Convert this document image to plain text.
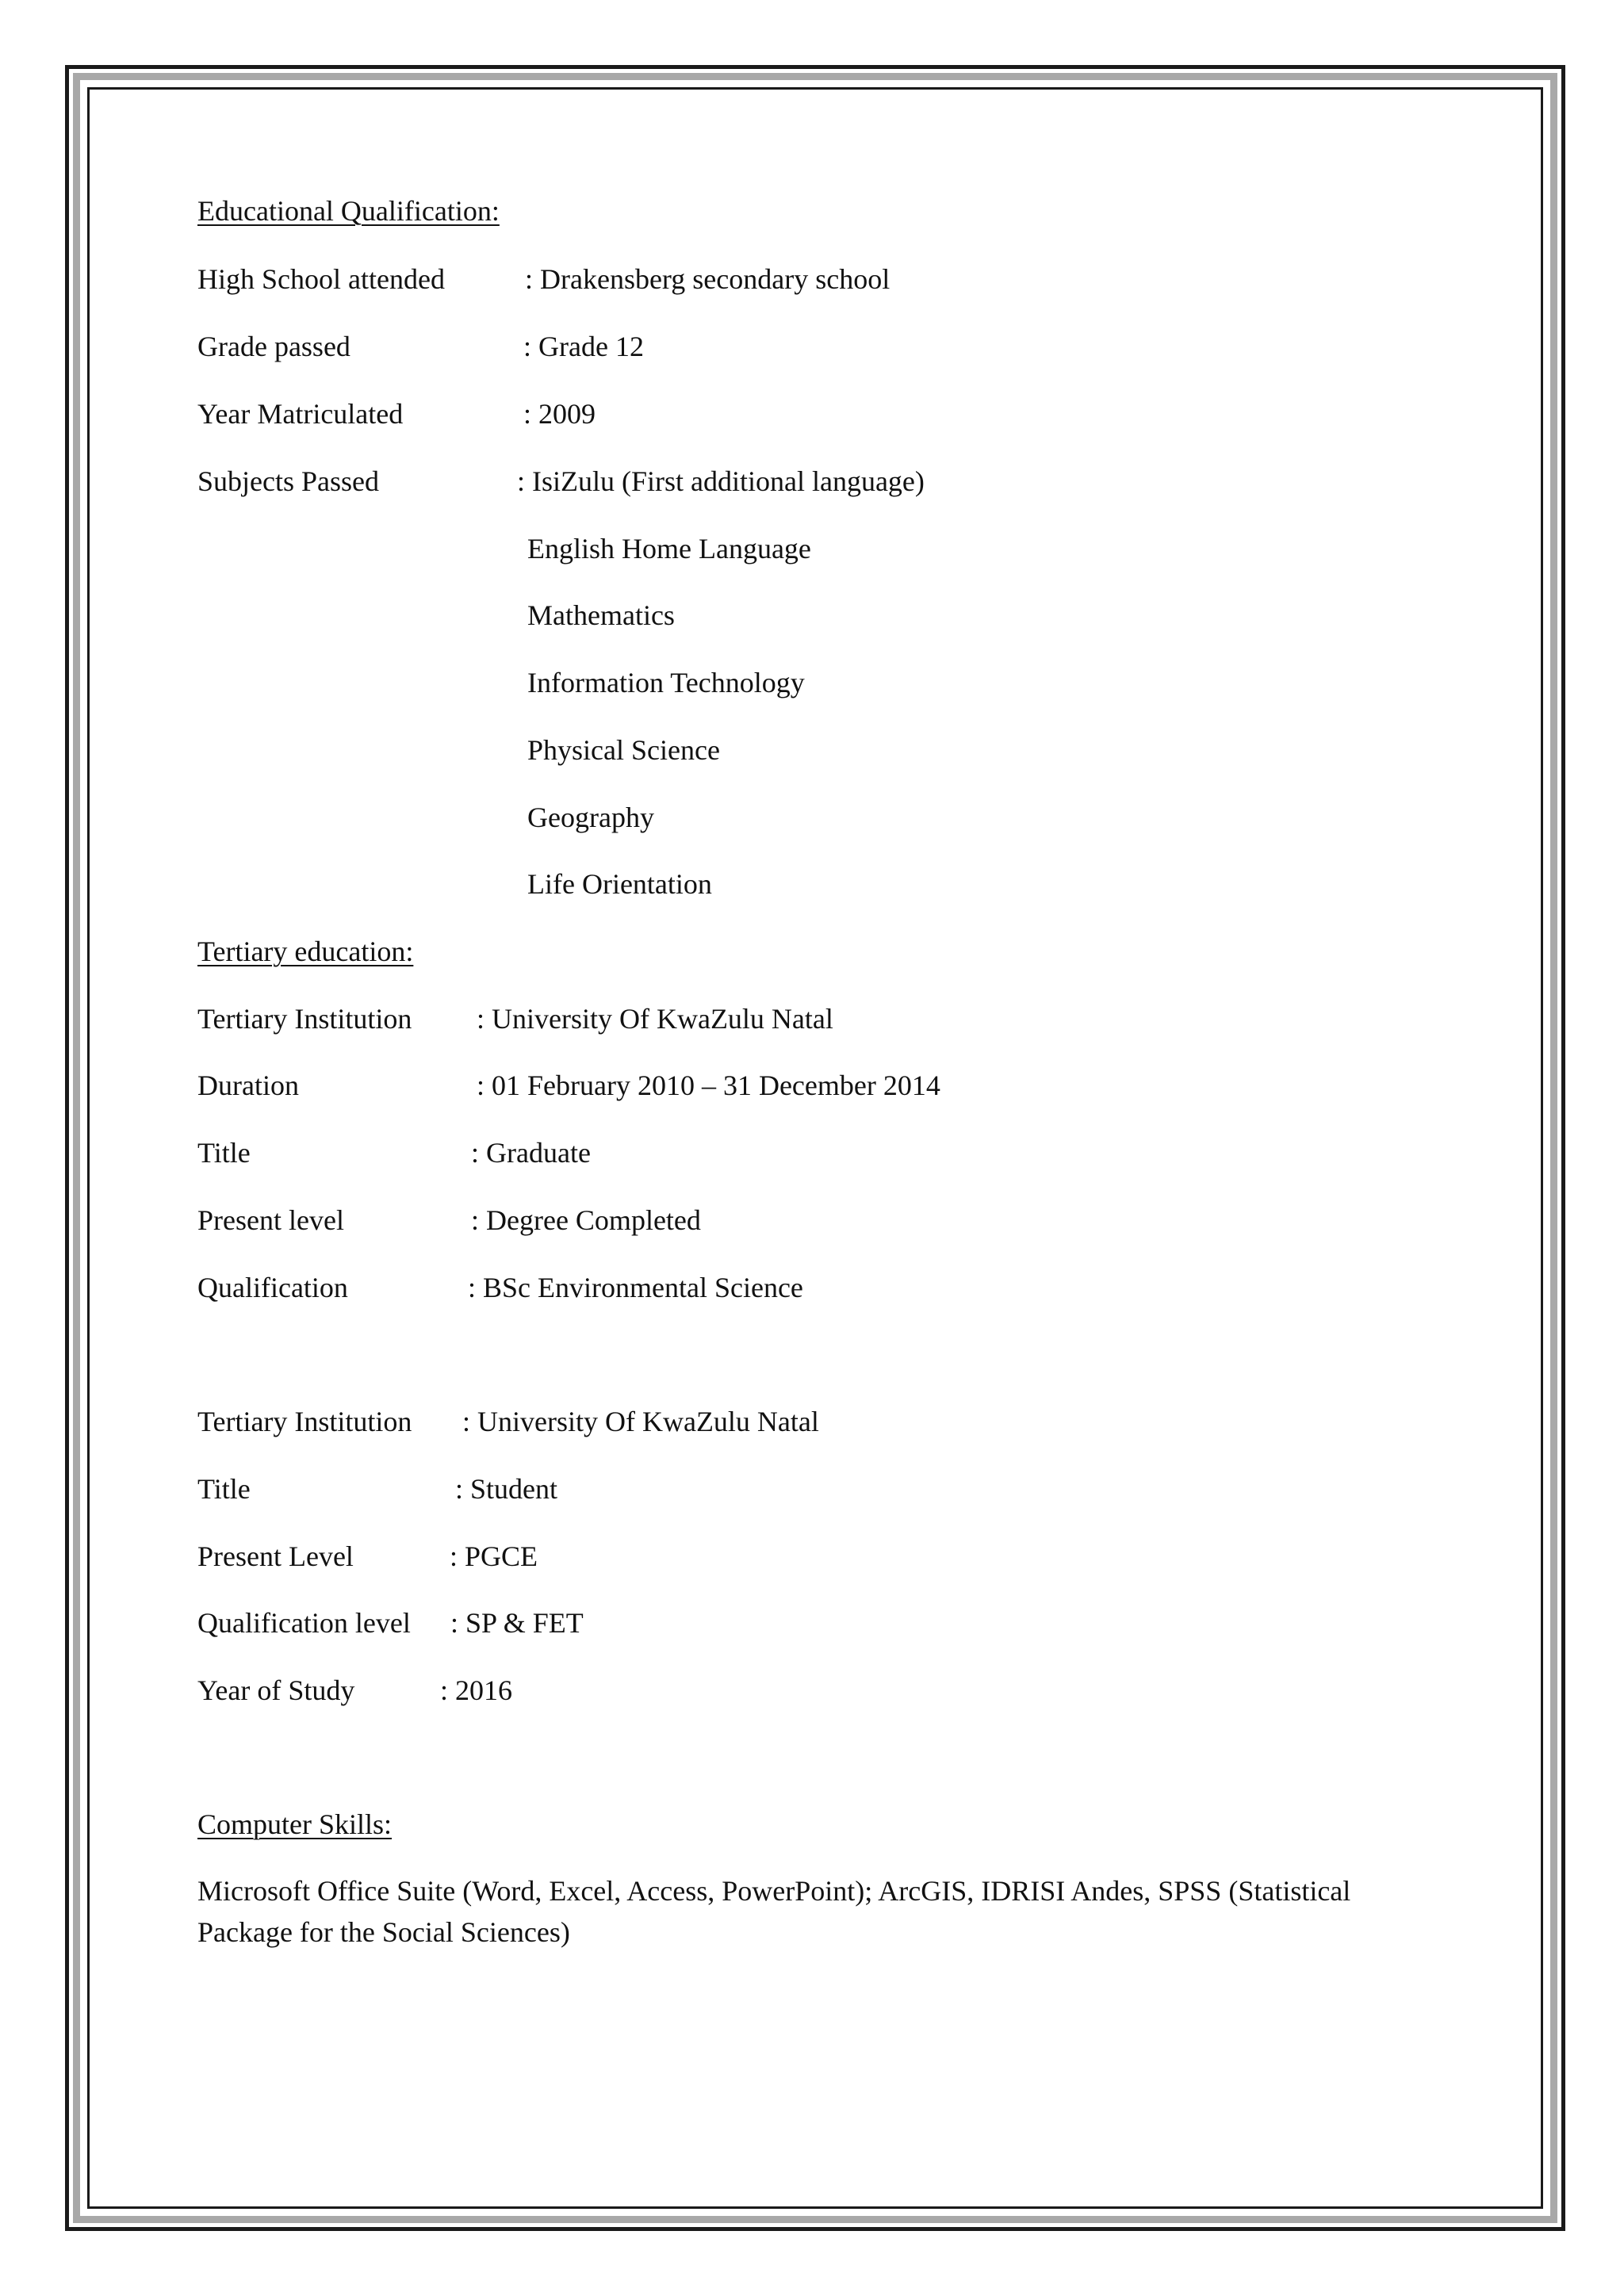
Educational Qualification:
High School attended	: Drakensberg secondary school
Grade passed	: Grade 12
Year Matriculated	: 2009
Subjects Passed	: IsiZulu (First additional language)
English Home Language
Mathematics
Information Technology
Physical Science
Geography
Life Orientation
Tertiary education:
Tertiary Institution : University Of KwaZulu Natal
Duration	: 01 February 2010 – 31 December 2014
Title	: Graduate
Present level	: Degree Completed
Qualification	: BSc Environmental Science
Tertiary Institution : University Of KwaZulu Natal
Title	: Student
Present Level	: PGCE
Qualification level : SP & FET
Year of Study	: 2016
Computer Skills:
Microsoft Office Suite (Word, Excel, Access, PowerPoint); ArcGIS, IDRISI Andes, SPSS (Statistical Package for the Social Sciences)
